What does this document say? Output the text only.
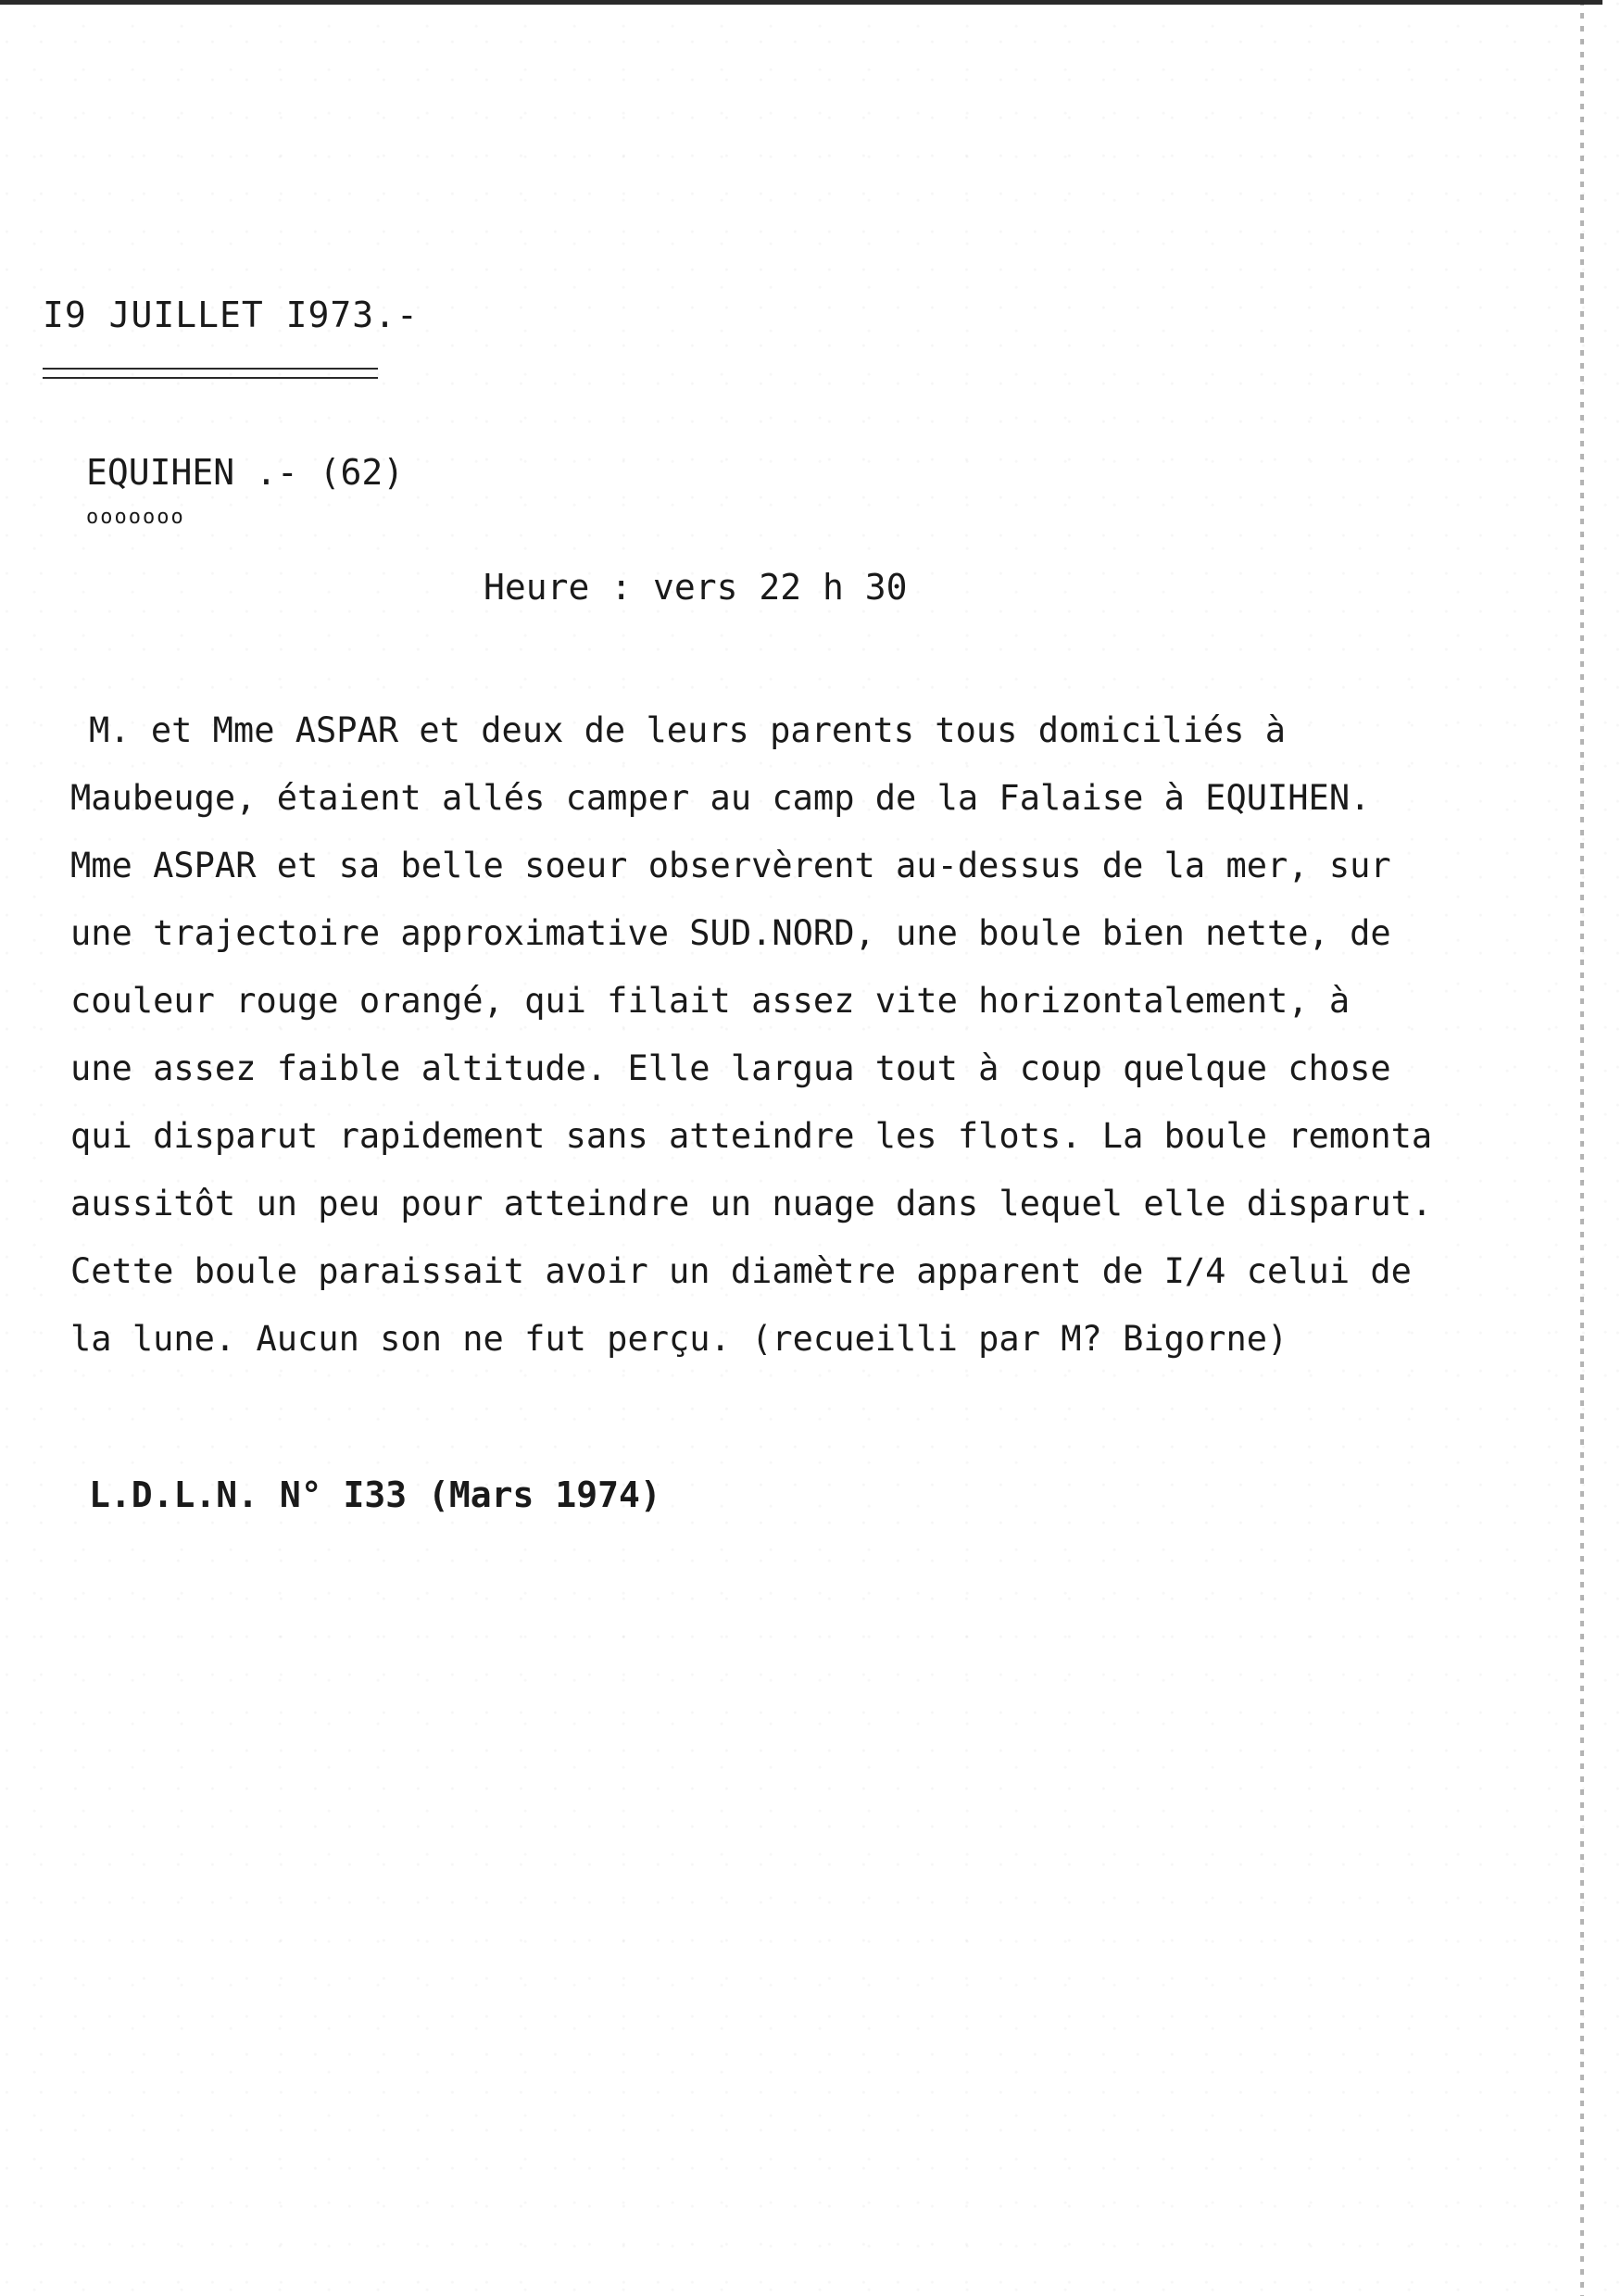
I9 JUILLET I973.-
EQUIHEN .- (62)
ooooooo
Heure : vers 22 h 30
M. et Mme ASPAR et deux de leurs parents tous domiciliés à
Maubeuge, étaient allés camper au camp de la Falaise à EQUIHEN.
Mme ASPAR et sa belle soeur observèrent au-dessus de la mer, sur
une trajectoire approximative SUD.NORD, une boule bien nette, de
couleur rouge orangé, qui filait assez vite horizontalement, à
une assez faible altitude. Elle largua tout à coup quelque chose
qui disparut rapidement sans atteindre les flots. La boule remonta
aussitôt un peu pour atteindre un nuage dans lequel elle disparut.
Cette boule paraissait avoir un diamètre apparent de I/4 celui de
la lune. Aucun son ne fut perçu. (recueilli par M? Bigorne)
L.D.L.N. N° I33 (Mars 1974)
